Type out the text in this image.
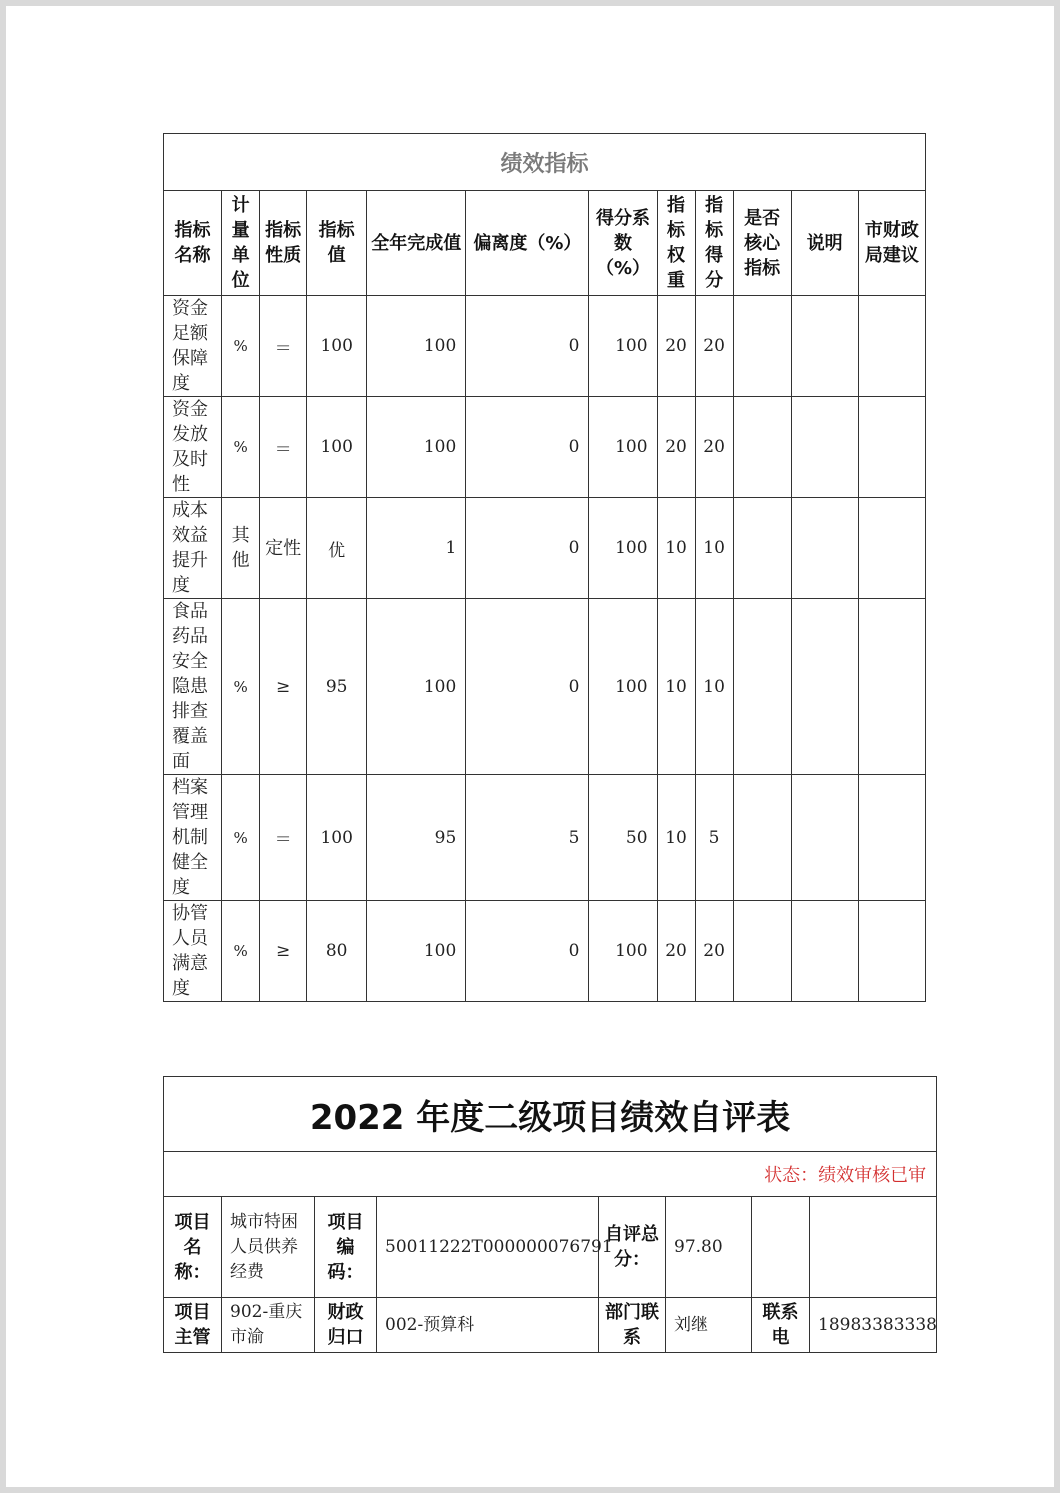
绩效指标											
指标名称	计量单位	指标性质	指标值	全年完成值	偏离度（%）	得分系数（%）	指标权重	指标得分	是否核心指标	说明	市财政局建议
资金足额保障度	%	＝	100	100	0	100	20	20			
资金发放及时性	%	＝	100	100	0	100	20	20			
成本效益提升度	其他	定性	优	1	0	100	10	10			
食品药品安全隐患排查覆盖面	%	≥	95	100	0	100	10	10			
档案管理机制健全度	%	＝	100	95	5	50	10	5			
协管人员满意度	%	≥	80	100	0	100	20	20			
2022 年度二级项目绩效自评表							
状态：绩效审核已审							
项目名称：	城市特困人员供养经费	项目编码：	50011222T000000076791	自评总分：	97.80		
项目主管	902-重庆市渝	财政归口	002-预算科	部门联系	刘继	联系电	18983383338
